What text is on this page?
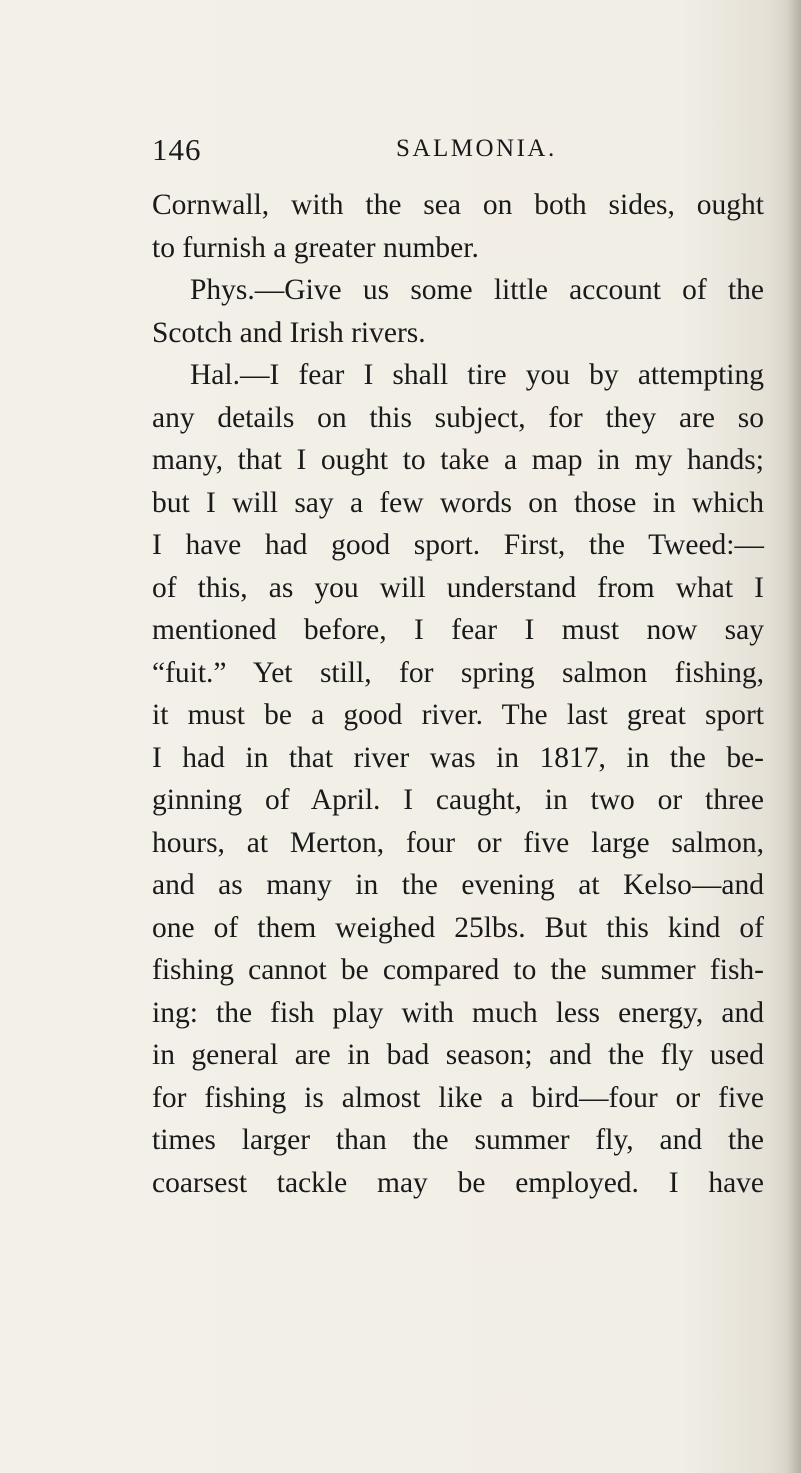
146	SALMONIA.
Cornwall, with the sea on both sides, ought
to furnish a greater number.
Phys.—Give us some little account of the
Scotch and Irish rivers.
Hal.—I fear I shall tire you by attempting
any details on this subject, for they are so
many, that I ought to take a map in my hands;
but I will say a few words on those in which
I have had good sport. First, the Tweed:—
of this, as you will understand from what I
mentioned before, I fear I must now say
“fuit.” Yet still, for spring salmon fishing,
it must be a good river. The last great sport
I had in that river was in 1817, in the be-
ginning of April. I caught, in two or three
hours, at Merton, four or five large salmon,
and as many in the evening at Kelso—and
one of them weighed 25lbs. But this kind of
fishing cannot be compared to the summer fish-
ing: the fish play with much less energy, and
in general are in bad season; and the fly used
for fishing is almost like a bird—four or five
times larger than the summer fly, and the
coarsest tackle may be employed. I have
